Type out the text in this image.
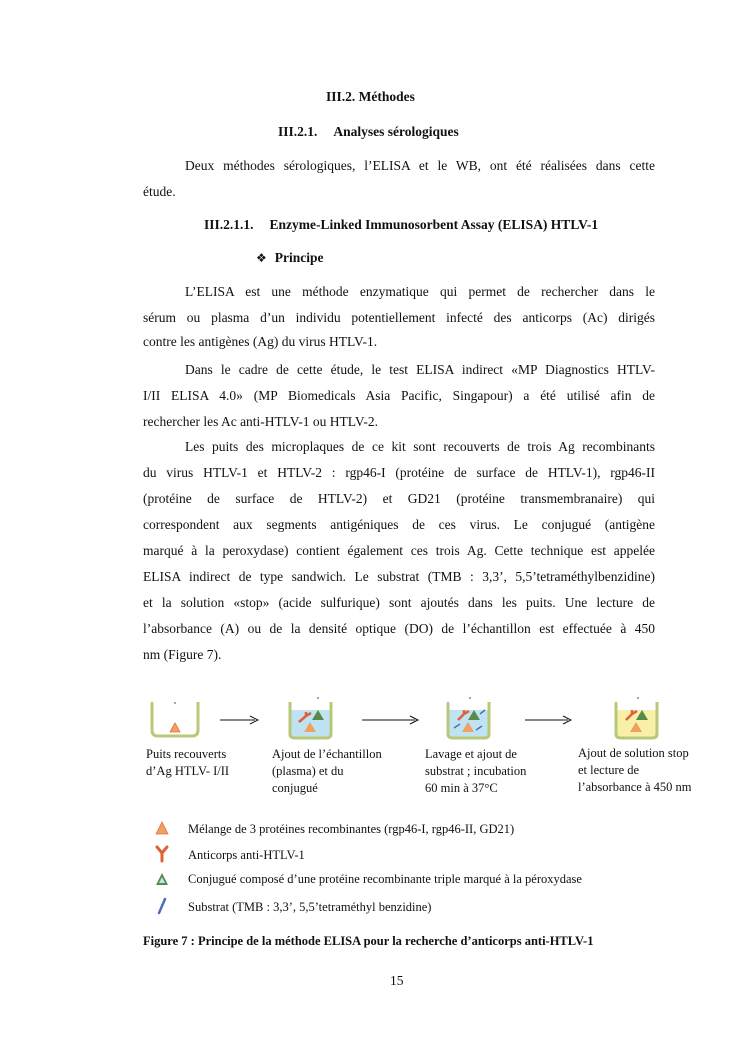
III.2. Méthodes
III.2.1. Analyses sérologiques
Deux méthodes sérologiques, l’ELISA et le WB, ont été réalisées dans cette
étude.
III.2.1.1. Enzyme-Linked Immunosorbent Assay (ELISA) HTLV-1
❖ Principe
L’ELISA est une méthode enzymatique qui permet de rechercher dans le
sérum ou plasma d’un individu potentiellement infecté des anticorps (Ac) dirigés
contre les antigènes (Ag) du virus HTLV-1.
Dans le cadre de cette étude, le test ELISA indirect «MP Diagnostics HTLV-
I/II ELISA 4.0» (MP Biomedicals Asia Pacific, Singapour) a été utilisé afin de
rechercher les Ac anti-HTLV-1 ou HTLV-2.
Les puits des microplaques de ce kit sont recouverts de trois Ag recombinants
du virus HTLV-1 et HTLV-2 : rgp46-I (protéine de surface de HTLV-1), rgp46-II
(protéine de surface de HTLV-2) et GD21 (protéine transmembranaire) qui
correspondent aux segments antigéniques de ces virus. Le conjugué (antigène
marqué à la peroxydase) contient également ces trois Ag. Cette technique est appelée
ELISA indirect de type sandwich. Le substrat (TMB : 3,3’, 5,5’tetraméthylbenzidine)
et la solution «stop» (acide sulfurique) sont ajoutés dans les puits. Une lecture de
l’absorbance (A) ou de la densité optique (DO) de l’échantillon est effectuée à 450
nm (Figure 7).
Puits recouverts
d’Ag HTLV- I/II
Ajout de l’échantillon
(plasma) et du
conjugué
Lavage et ajout de
substrat ; incubation
60 min à 37°C
Ajout de solution stop
et lecture de
l’absorbance à 450 nm
Mélange de 3 protéines recombinantes (rgp46-I, rgp46-II, GD21)
Anticorps anti-HTLV-1
Conjugué composé d’une protéine recombinante triple marqué à la péroxydase
Substrat (TMB : 3,3’, 5,5’tetraméthyl benzidine)
Figure 7 : Principe de la méthode ELISA pour la recherche d’anticorps anti-HTLV-1
15
